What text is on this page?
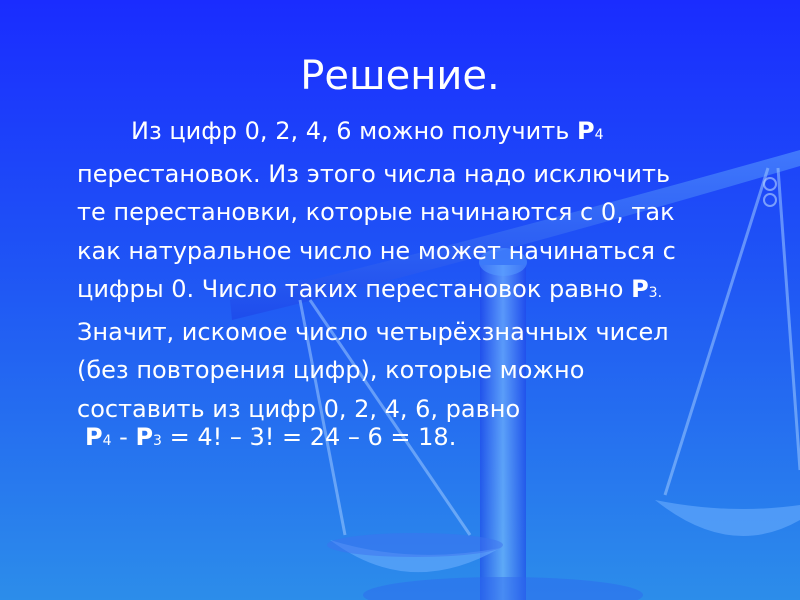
Решение.

Из цифр 0, 2, 4, 6 можно получить P4
перестановок. Из этого числа надо исключить
те перестановки, которые начинаются с 0, так
как натуральное число не может начинаться с
цифры 0. Число таких перестановок равно P3.
Значит, искомое число четырёхзначных чисел
(без повторения цифр), которые можно
составить из цифр 0, 2, 4, 6, равно

P4 - P3 = 4! – 3! = 24 – 6 = 18.
